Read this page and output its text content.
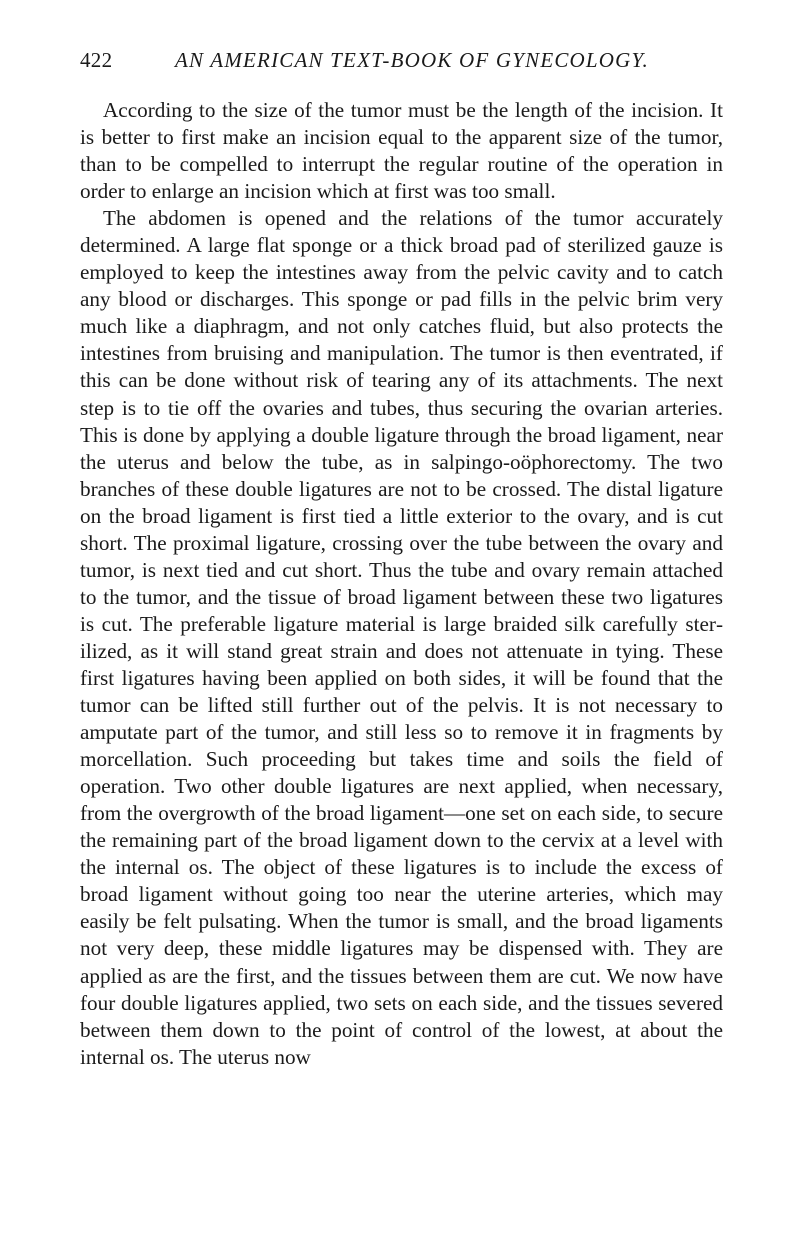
422	AN AMERICAN TEXT-BOOK OF GYNECOLOGY.

According to the size of the tumor must be the length of the incision. It is better to first make an incision equal to the apparent size of the tumor, than to be compelled to interrupt the regular routine of the operation in order to enlarge an incision which at first was too small.

The abdomen is opened and the relations of the tumor accurately determined. A large flat sponge or a thick broad pad of sterilized gauze is employed to keep the intestines away from the pelvic cavity and to catch any blood or discharges. This sponge or pad fills in the pelvic brim very much like a diaphragm, and not only catches fluid, but also protects the intestines from bruising and manipulation. The tumor is then eventrated, if this can be done without risk of tearing any of its attachments. The next step is to tie off the ovaries and tubes, thus securing the ovarian arteries. This is done by applying a double ligature through the broad ligament, near the uterus and below the tube, as in salpingo-oöphorectomy. The two branches of these double ligatures are not to be crossed. The distal ligature on the broad ligament is first tied a little exterior to the ovary, and is cut short. The proximal ligature, crossing over the tube between the ovary and tumor, is next tied and cut short. Thus the tube and ovary remain attached to the tumor, and the tissue of broad ligament between these two ligatures is cut. The preferable ligature material is large braided silk carefully sterilized, as it will stand great strain and does not attenuate in tying. These first ligatures having been applied on both sides, it will be found that the tumor can be lifted still further out of the pelvis. It is not necessary to amputate part of the tumor, and still less so to remove it in fragments by morcellation. Such proceeding but takes time and soils the field of operation. Two other double ligatures are next applied, when necessary, from the overgrowth of the broad ligament—one set on each side, to secure the remaining part of the broad ligament down to the cervix at a level with the internal os. The object of these ligatures is to include the excess of broad ligament without going too near the uterine arteries, which may easily be felt pulsating. When the tumor is small, and the broad ligaments not very deep, these middle ligatures may be dispensed with. They are applied as are the first, and the tissues between them are cut. We now have four double ligatures applied, two sets on each side, and the tissues severed between them down to the point of control of the lowest, at about the internal os. The uterus now
